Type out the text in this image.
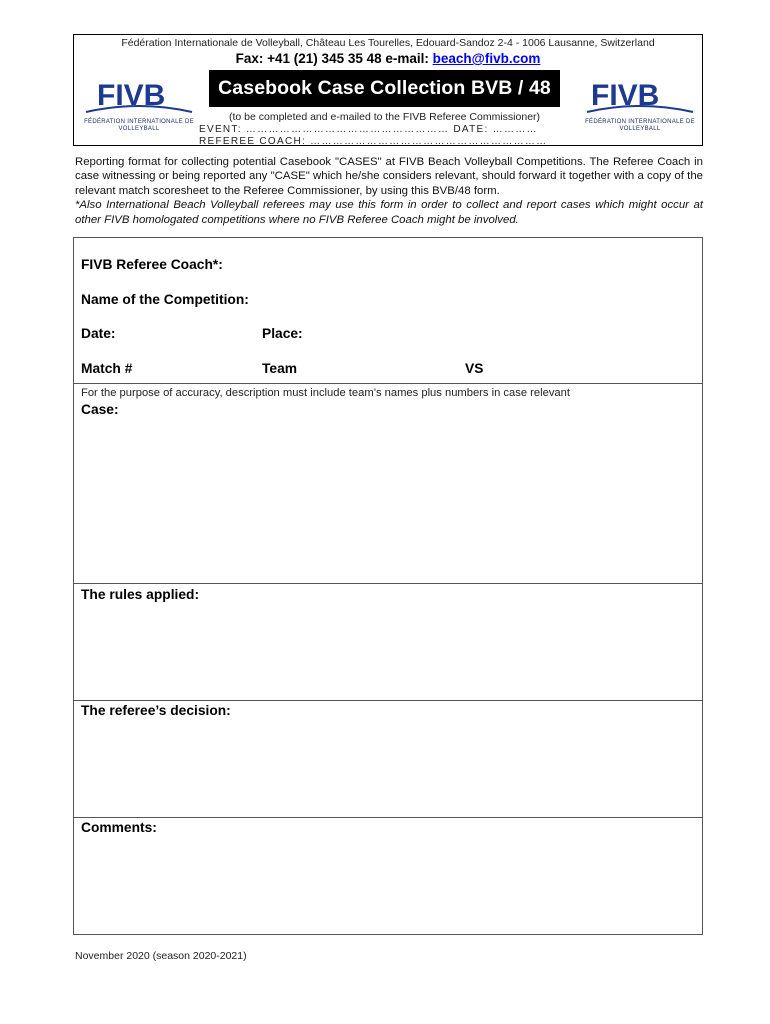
Fédération Internationale de Volleyball, Château Les Tourelles, Edouard-Sandoz 2-4 - 1006 Lausanne, Switzerland
Fax: +41 (21) 345 35 48 e-mail: beach@fivb.com
FIVB
FÉDÉRATION INTERNATIONALE DE VOLLEYBALL
FIVB
FÉDÉRATION INTERNATIONALE DE VOLLEYBALL
Casebook Case Collection BVB / 48
(to be completed and e-mailed to the FIVB Referee Commissioner)
EVENT: ……………………………………………… DATE: …………
REFEREE COACH: ………………………………………………………
Reporting format for collecting potential Casebook "CASES" at FIVB Beach Volleyball Competitions. The Referee Coach in case witnessing or being reported any "CASE" which he/she considers relevant, should forward it together with a copy of the relevant match scoresheet to the Referee Commissioner, by using this BVB/48 form.
*Also International Beach Volleyball referees may use this form in order to collect and report cases which might occur at other FIVB homologated competitions where no FIVB Referee Coach might be involved.
FIVB Referee Coach*:
Name of the Competition:
Date:	Place:
Match #	Team	VS
For the purpose of accuracy, description must include team’s names plus numbers in case relevant
Case:
The rules applied:
The referee’s decision:
Comments:
November 2020 (season 2020-2021)
